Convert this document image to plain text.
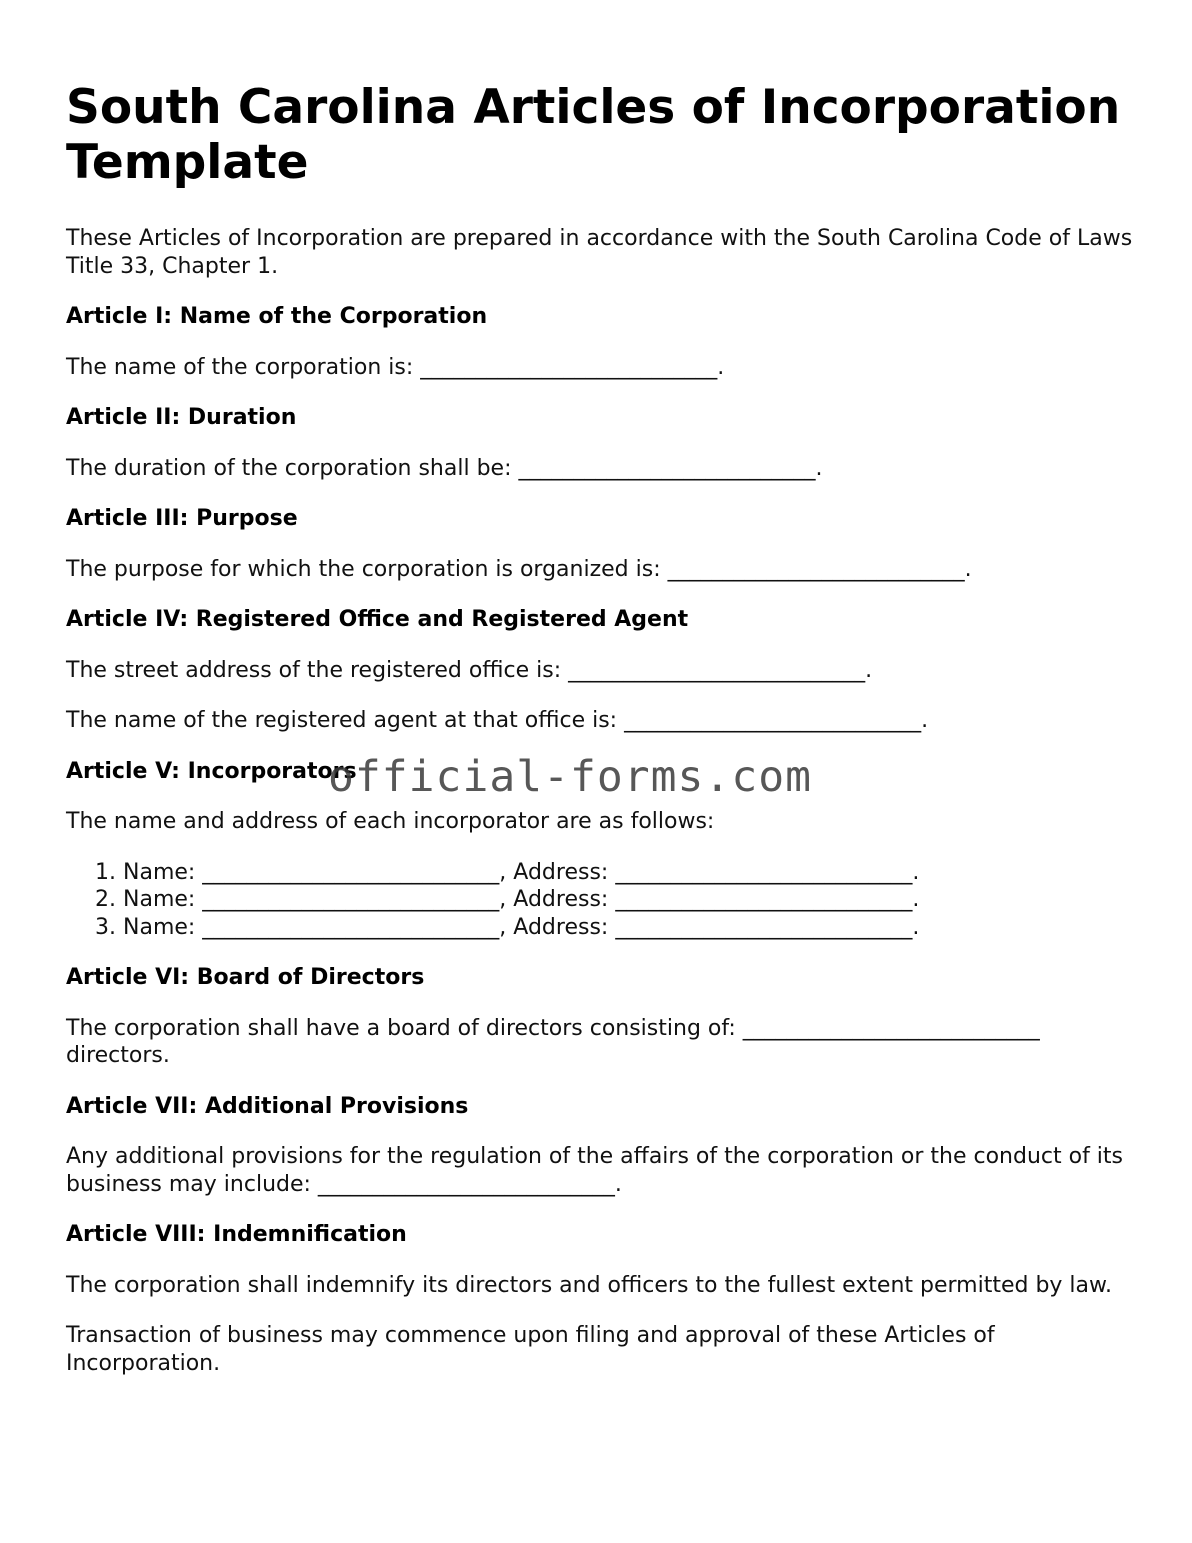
South Carolina Articles of Incorporation Template

These Articles of Incorporation are prepared in accordance with the South Carolina Code of Laws Title 33, Chapter 1.

Article I: Name of the Corporation

The name of the corporation is: ___________________________.

Article II: Duration

The duration of the corporation shall be: ___________________________.

Article III: Purpose

The purpose for which the corporation is organized is: ___________________________.

Article IV: Registered Office and Registered Agent

The street address of the registered office is: ___________________________.

The name of the registered agent at that office is: ___________________________.

Article V: Incorporators

The name and address of each incorporator are as follows:

1. Name: ___________________________, Address: ___________________________.
2. Name: ___________________________, Address: ___________________________.
3. Name: ___________________________, Address: ___________________________.
Article VI: Board of Directors

The corporation shall have a board of directors consisting of: ___________________________ directors.

Article VII: Additional Provisions

Any additional provisions for the regulation of the affairs of the corporation or the conduct of its business may include: ___________________________.

Article VIII: Indemnification

The corporation shall indemnify its directors and officers to the fullest extent permitted by law.

Transaction of business may commence upon filing and approval of these Articles of Incorporation.

official-forms.com
